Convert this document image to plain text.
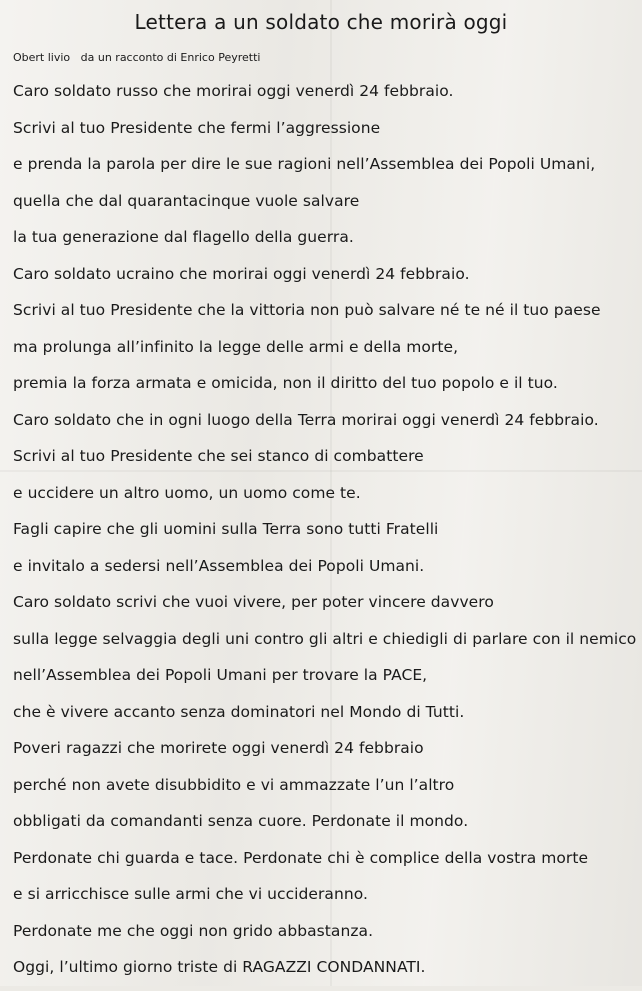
Lettera a un soldato che morirà oggi
Obert livio   da un racconto di Enrico Peyretti
Caro soldato russo che morirai oggi venerdì 24 febbraio.
Scrivi al tuo Presidente che fermi l’aggressione
e prenda la parola per dire le sue ragioni nell’Assemblea dei Popoli Umani,
quella che dal quarantacinque vuole salvare
la tua generazione dal flagello della guerra.
Caro soldato ucraino che morirai oggi venerdì 24 febbraio.
Scrivi al tuo Presidente che la vittoria non può salvare né te né il tuo paese
ma prolunga all’infinito la legge delle armi e della morte,
premia la forza armata e omicida, non il diritto del tuo popolo e il tuo.
Caro soldato che in ogni luogo della Terra morirai oggi venerdì 24 febbraio.
Scrivi al tuo Presidente che sei stanco di combattere
e uccidere un altro uomo, un uomo come te.
Fagli capire che gli uomini sulla Terra sono tutti Fratelli
e invitalo a sedersi nell’Assemblea dei Popoli Umani.
Caro soldato scrivi che vuoi vivere, per poter vincere davvero
sulla legge selvaggia degli uni contro gli altri e chiedigli di parlare con il nemico
nell’Assemblea dei Popoli Umani per trovare la PACE,
che è vivere accanto senza dominatori nel Mondo di Tutti.
Poveri ragazzi che morirete oggi venerdì 24 febbraio
perché non avete disubbidito e vi ammazzate l’un l’altro
obbligati da comandanti senza cuore. Perdonate il mondo.
Perdonate chi guarda e tace. Perdonate chi è complice della vostra morte
e si arricchisce sulle armi che vi uccideranno.
Perdonate me che oggi non grido abbastanza.
Oggi, l’ultimo giorno triste di RAGAZZI CONDANNATI.
